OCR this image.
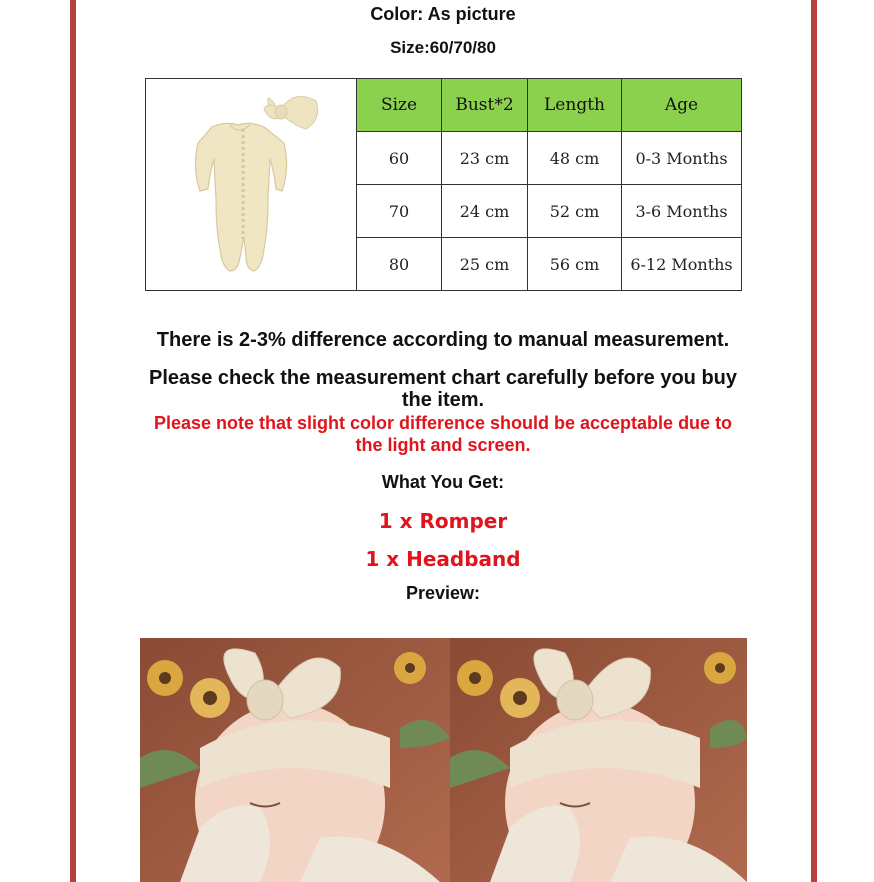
Color: As picture
Size:60/70/80
Size	Bust*2	Length	Age
60	23 cm	48 cm	0-3 Months
70	24 cm	52 cm	3-6 Months
80	25 cm	56 cm	6-12 Months
There is 2-3% difference according to manual measurement.
Please check the measurement chart carefully before you buy the item.
Please note that slight color difference should be acceptable due to the light and screen.
What You Get:
1 x Romper
1 x Headband
Preview:
